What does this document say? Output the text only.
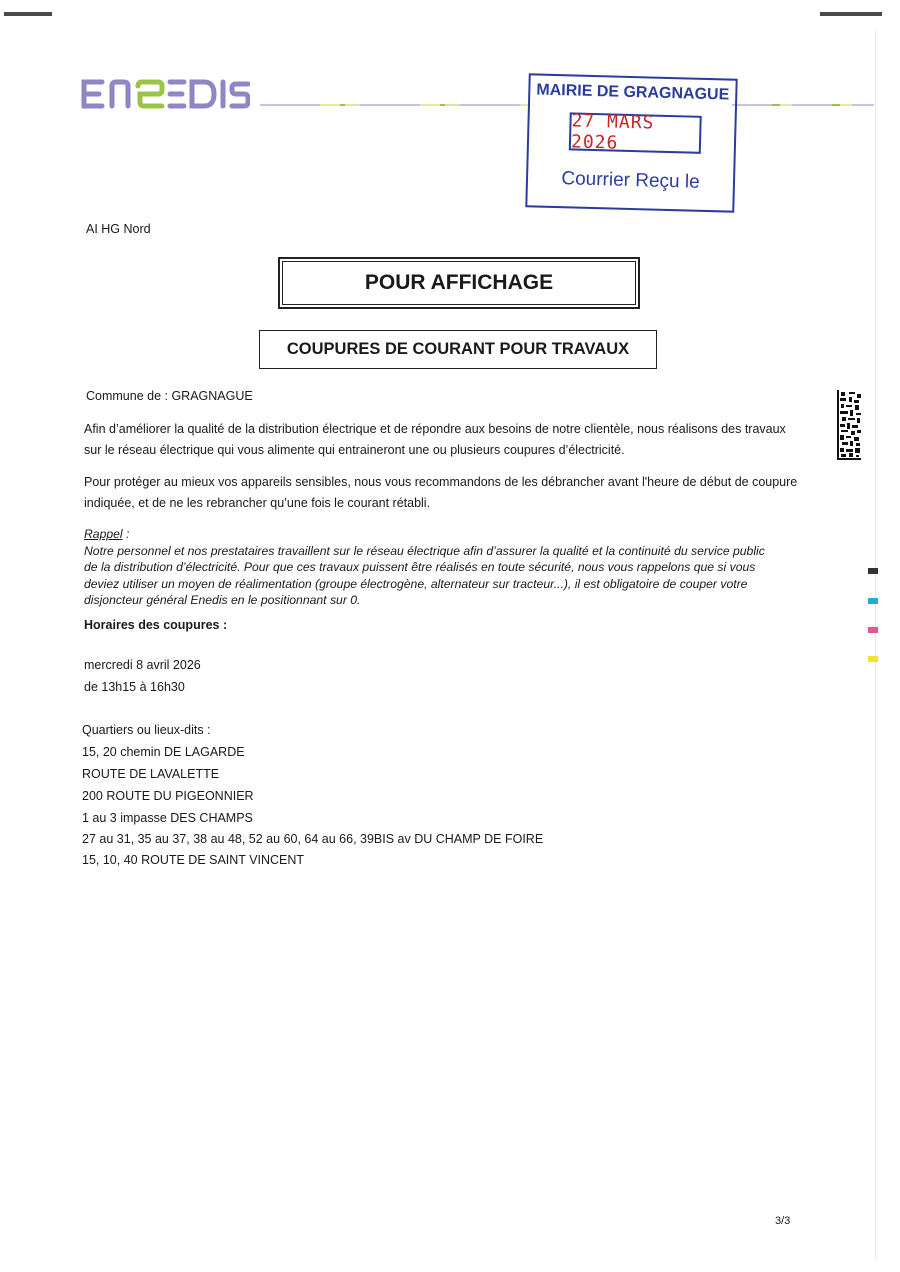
MAIRIE DE GRAGNAGUE
27 MARS 2026
Courrier Reçu le
AI HG Nord
POUR AFFICHAGE
COUPURES DE COURANT POUR TRAVAUX
Commune de : GRAGNAGUE
Afin d’améliorer la qualité de la distribution électrique et de répondre aux besoins de notre clientèle, nous réalisons des travaux
sur le réseau électrique qui vous alimente qui entraineront une ou plusieurs coupures d’électricité.
Pour protéger au mieux vos appareils sensibles, nous vous recommandons de les débrancher avant l'heure de début de coupure
indiquée, et de ne les rebrancher qu’une fois le courant rétabli.
Rappel :
Notre personnel et nos prestataires travaillent sur le réseau électrique afin d’assurer la qualité et la continuité du service public
de la distribution d’électricité. Pour que ces travaux puissent être réalisés en toute sécurité, nous vous rappelons que si vous
deviez utiliser un moyen de réalimentation (groupe électrogène, alternateur sur tracteur...), il est obligatoire de couper votre
disjoncteur général Enedis en le positionnant sur 0.
Horaires des coupures :
mercredi 8 avril 2026
de 13h15 à 16h30
Quartiers ou lieux-dits :
15, 20 chemin DE LAGARDE
ROUTE DE LAVALETTE
200 ROUTE DU PIGEONNIER
1 au 3 impasse DES CHAMPS
27 au 31, 35 au 37, 38 au 48, 52 au 60, 64 au 66, 39BIS av DU CHAMP DE FOIRE
15, 10, 40 ROUTE DE SAINT VINCENT
3/3
